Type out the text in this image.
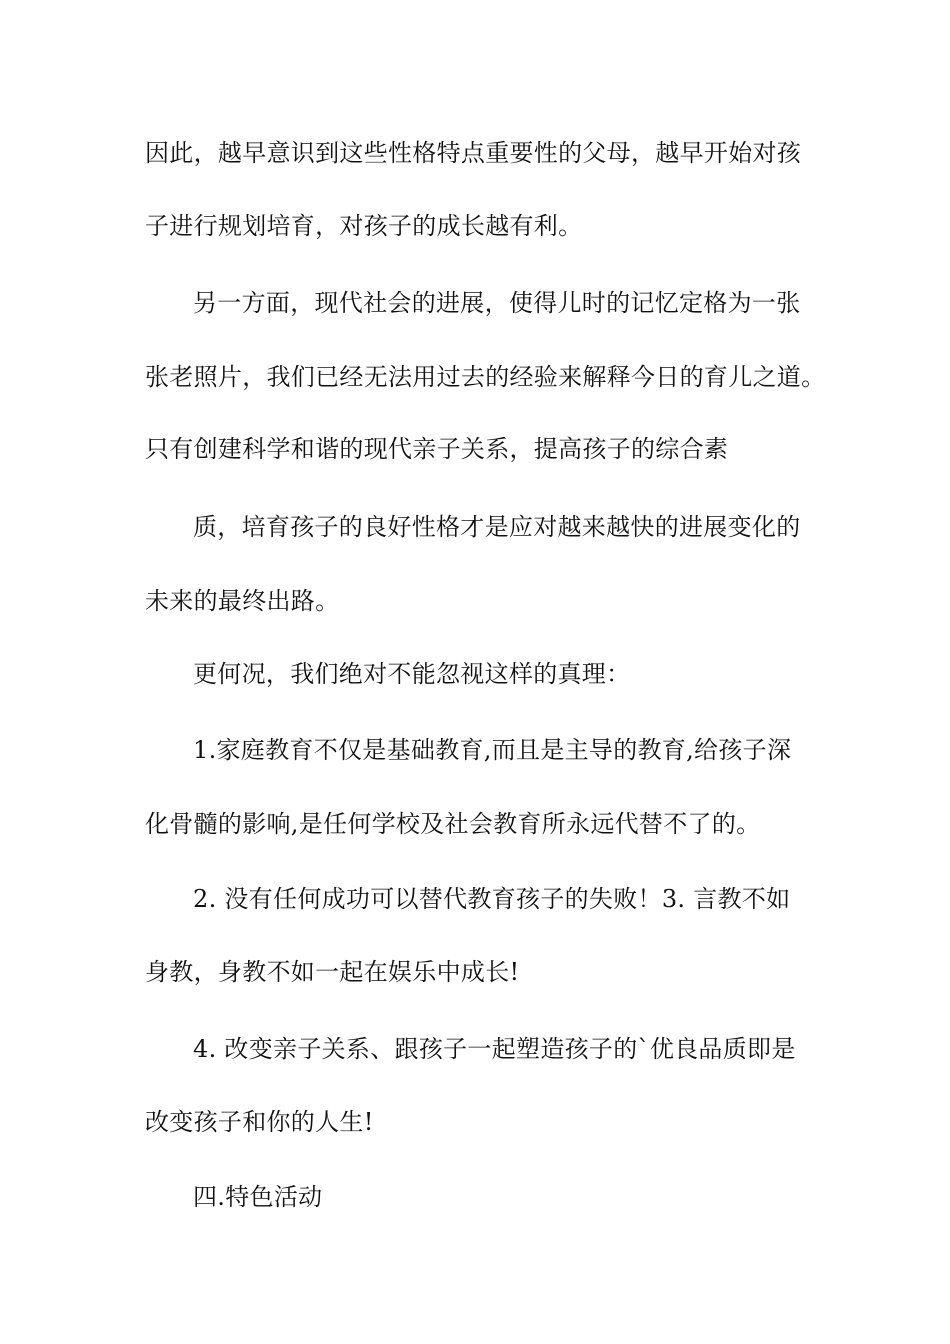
因此，越早意识到这些性格特点重要性的父母，越早开始对孩
子进行规划培育，对孩子的成长越有利。
另一方面，现代社会的进展，使得儿时的记忆定格为一张
张老照片，我们已经无法用过去的经验来解释今日的育儿之道。
只有创建科学和谐的现代亲子关系，提高孩子的综合素
质，培育孩子的良好性格才是应对越来越快的进展变化的
未来的最终出路。
更何况，我们绝对不能忽视这样的真理：
1.家庭教育不仅是基础教育,而且是主导的教育,给孩子深
化骨髓的影响,是任何学校及社会教育所永远代替不了的。
2. 没有任何成功可以替代教育孩子的失败！3. 言教不如
身教，身教不如一起在娱乐中成长!
4. 改变亲子关系、跟孩子一起塑造孩子的`优良品质即是
改变孩子和你的人生!
四.特色活动
